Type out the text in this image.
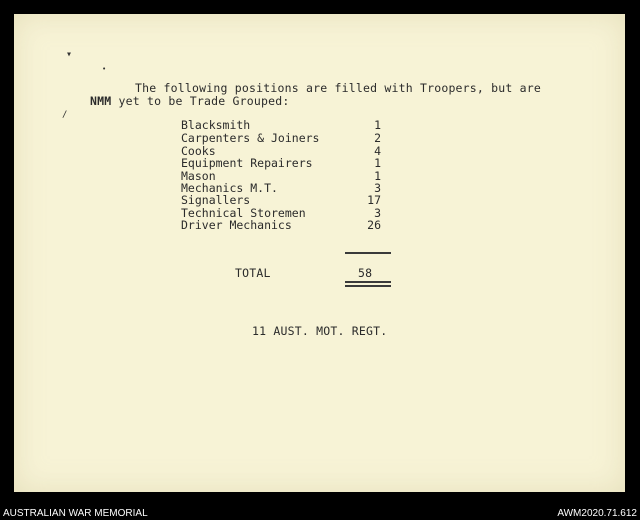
▾
•
/
The following positions are filled with Troopers, but are
NMM yet to be Trade Grouped:
Blacksmith	1
Carpenters & Joiners	2
Cooks	4
Equipment Repairers	1
Mason	1
Mechanics M.T.	3
Signallers	17
Technical Storemen	3
Driver Mechanics	26
TOTAL	58
11 AUST. MOT. REGT.
AUSTRALIAN WAR MEMORIAL	AWM2020.71.612
